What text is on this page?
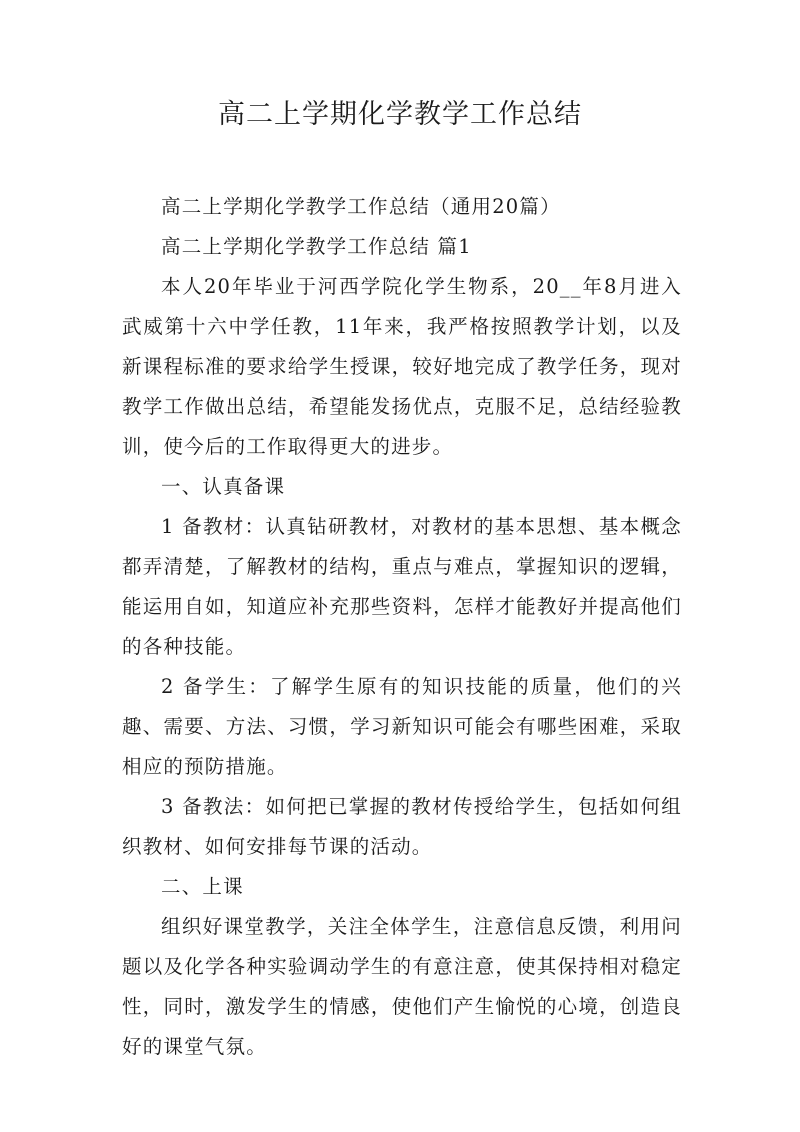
高二上学期化学教学工作总结

高二上学期化学教学工作总结（通用20篇）

高二上学期化学教学工作总结 篇1

本人20年毕业于河西学院化学生物系，20__年8月进入武威第十六中学任教，11年来，我严格按照教学计划，以及新课程标准的要求给学生授课，较好地完成了教学任务，现对教学工作做出总结，希望能发扬优点，克服不足，总结经验教训，使今后的工作取得更大的进步。

一、认真备课

1 备教材：认真钻研教材，对教材的基本思想、基本概念都弄清楚，了解教材的结构，重点与难点，掌握知识的逻辑，能运用自如，知道应补充那些资料，怎样才能教好并提高他们的各种技能。

2 备学生：了解学生原有的知识技能的质量，他们的兴趣、需要、方法、习惯，学习新知识可能会有哪些困难，采取相应的预防措施。

3 备教法：如何把已掌握的教材传授给学生，包括如何组织教材、如何安排每节课的活动。

二、上课

组织好课堂教学，关注全体学生，注意信息反馈，利用问题以及化学各种实验调动学生的有意注意，使其保持相对稳定性，同时，激发学生的情感，使他们产生愉悦的心境，创造良好的课堂气氛。
